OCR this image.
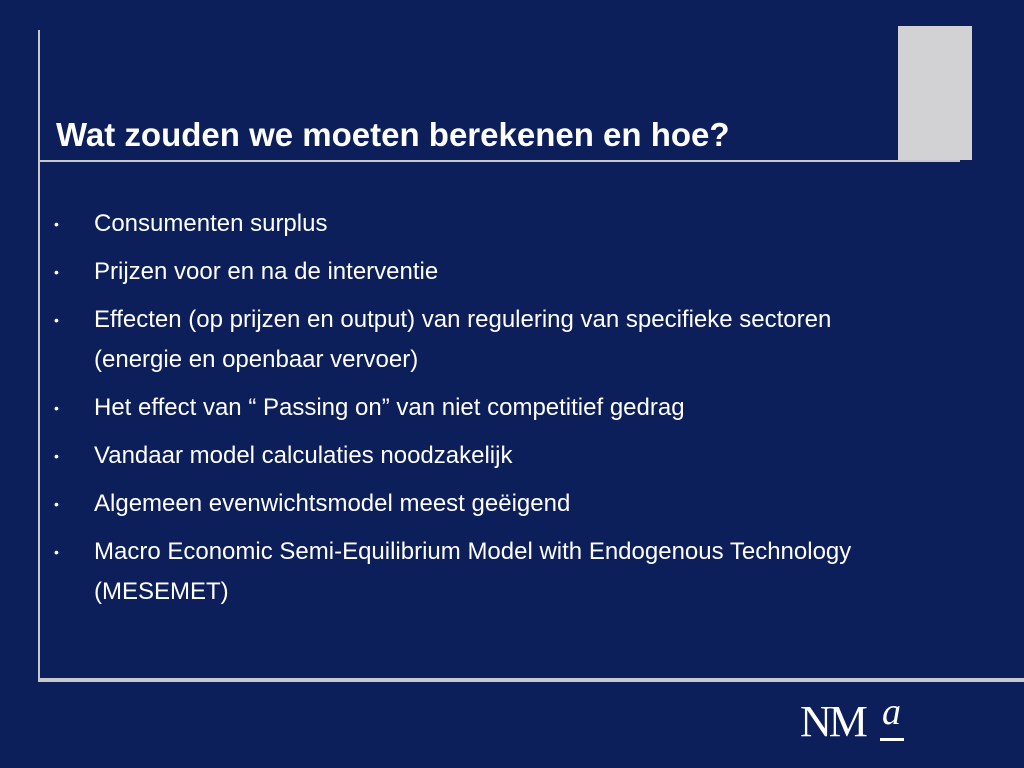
Wat zouden we moeten berekenen en hoe?
• Consumenten surplus
• Prijzen voor en na de interventie
• Effecten (op prijzen en output) van regulering van specifieke sectoren (energie en openbaar vervoer)
• Het effect van “ Passing on” van niet competitief gedrag
• Vandaar model calculaties noodzakelijk
• Algemeen evenwichtsmodel meest geëigend
• Macro Economic Semi-Equilibrium Model with Endogenous Technology (MESEMET)
NM a
